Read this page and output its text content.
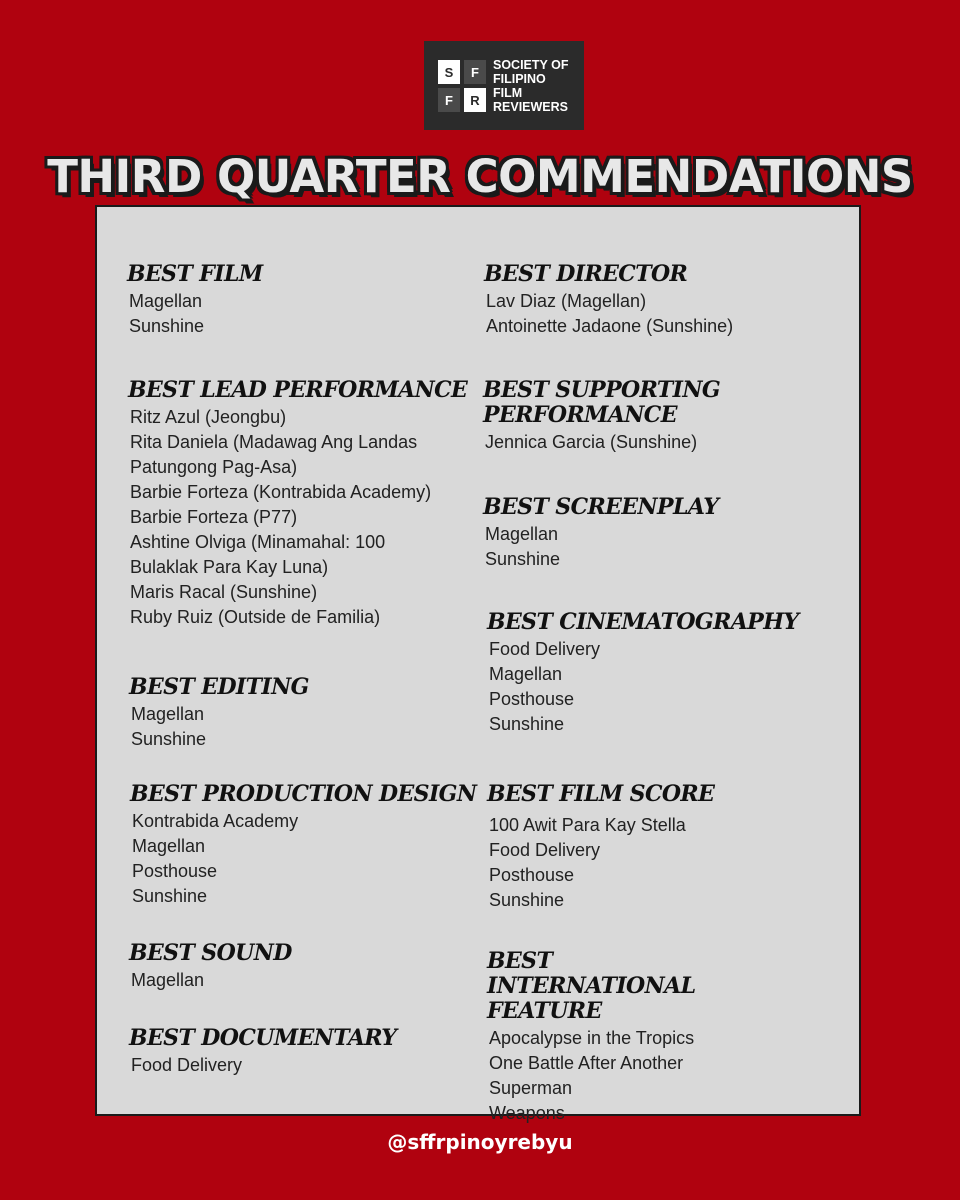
S	F
F	R
SOCIETY OF
FILIPINO
FILM
REVIEWERS
THIRD QUARTER COMMENDATIONS
BEST FILM
Magellan
Sunshine
BEST LEAD PERFORMANCE
Ritz Azul (Jeongbu)
Rita Daniela (Madawag Ang Landas
Patungong Pag-Asa)
Barbie Forteza (Kontrabida Academy)
Barbie Forteza (P77)
Ashtine Olviga (Minamahal: 100
Bulaklak Para Kay Luna)
Maris Racal (Sunshine)
Ruby Ruiz (Outside de Familia)
BEST EDITING
Magellan
Sunshine
BEST PRODUCTION DESIGN
Kontrabida Academy
Magellan
Posthouse
Sunshine
BEST SOUND
Magellan
BEST DOCUMENTARY
Food Delivery
BEST DIRECTOR
Lav Diaz (Magellan)
Antoinette Jadaone (Sunshine)
BEST SUPPORTING PERFORMANCE
Jennica Garcia (Sunshine)
BEST SCREENPLAY
Magellan
Sunshine
BEST CINEMATOGRAPHY
Food Delivery
Magellan
Posthouse
Sunshine
BEST FILM SCORE
100 Awit Para Kay Stella
Food Delivery
Posthouse
Sunshine
BEST INTERNATIONAL FEATURE
Apocalypse in the Tropics
One Battle After Another
Superman
Weapons
@sffrpinoyrebyu
